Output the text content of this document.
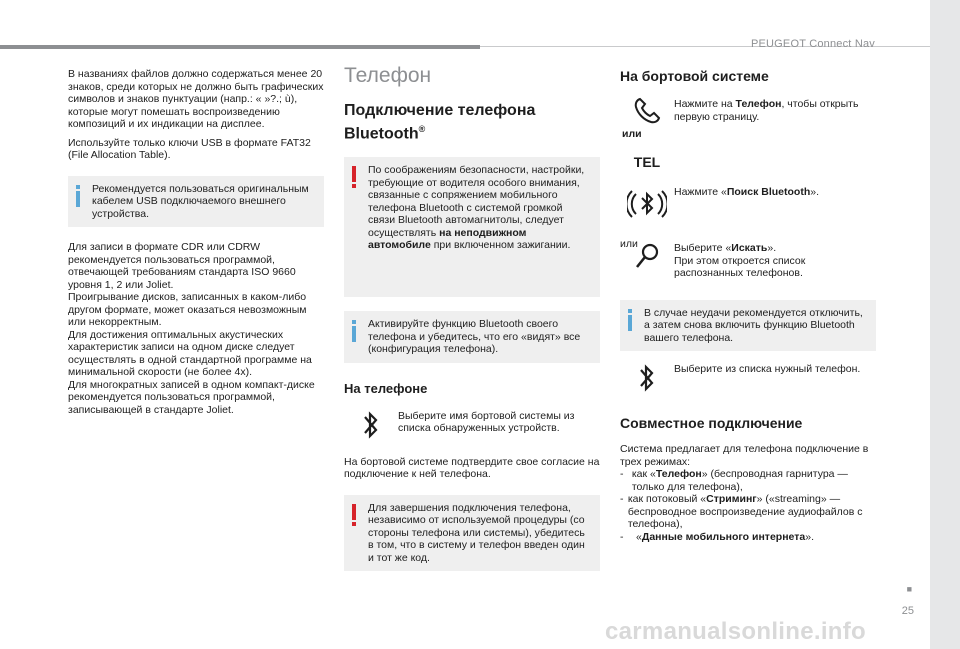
PEUGEOT Connect Nav
■
25

В названиях файлов должно содержаться менее 20 знаков, среди которых не должно быть графических символов и знаков пунктуации (напр.: « »?.; ù), которые могут помешать воспроизведению композиций и их индикации на дисплее.

Используйте только ключи USB в формате FAT32 (File Allocation Table).

Рекомендуется пользоваться оригинальным кабелем USB подключаемого внешнего устройства.

Для записи в формате CDR или CDRW рекомендуется пользоваться программой, отвечающей требованиям стандарта ISO 9660 уровня 1, 2 или Joliet.
Проигрывание дисков, записанных в каком-либо другом формате, может оказаться невозможным или некорректным.
Для достижения оптимальных акустических характеристик записи на одном диске следует осуществлять в одной стандартной программе на минимальной скорости (не более 4x).
Для многократных записей в одном компакт-диске рекомендуется пользоваться программой, записывающей в стандарте Joliet.

Телефон
Подключение телефона Bluetooth®

По соображениям безопасности, настройки, требующие от водителя особого внимания, связанные с сопряжением мобильного телефона Bluetooth с системой громкой связи Bluetooth автомагнитолы, следует осуществлять на неподвижном автомобиле при включенном зажигании.

Активируйте функцию Bluetooth своего телефона и убедитесь, что его «видят» все (конфигурация телефона).

На телефоне
Выберите имя бортовой системы из списка обнаруженных устройств.

На бортовой системе подтвердите свое согласие на подключение к ней телефона.

Для завершения подключения телефона, независимо от используемой процедуры (со стороны телефона или системы), убедитесь в том, что в систему и телефон введен один и тот же код.

На бортовой системе
Нажмите на Телефон, чтобы открыть первую страницу.
или
TEL
Нажмите «Поиск Bluetooth».
или	Выберите «Искать».
При этом откроется список распознанных телефонов.

В случае неудачи рекомендуется отключить, а затем снова включить функцию Bluetooth вашего телефона.

Выберите из списка нужный телефон.
Совместное подключение

Система предлагает для телефона подключение в трех режимах:

- как «Телефон» (беспроводная гарнитура — только для телефона),
- как потоковый «Стриминг» («streaming» — беспроводное воспроизведение аудиофайлов с телефона),
-	«Данные мобильного интернета».
carmanualsonline.info
